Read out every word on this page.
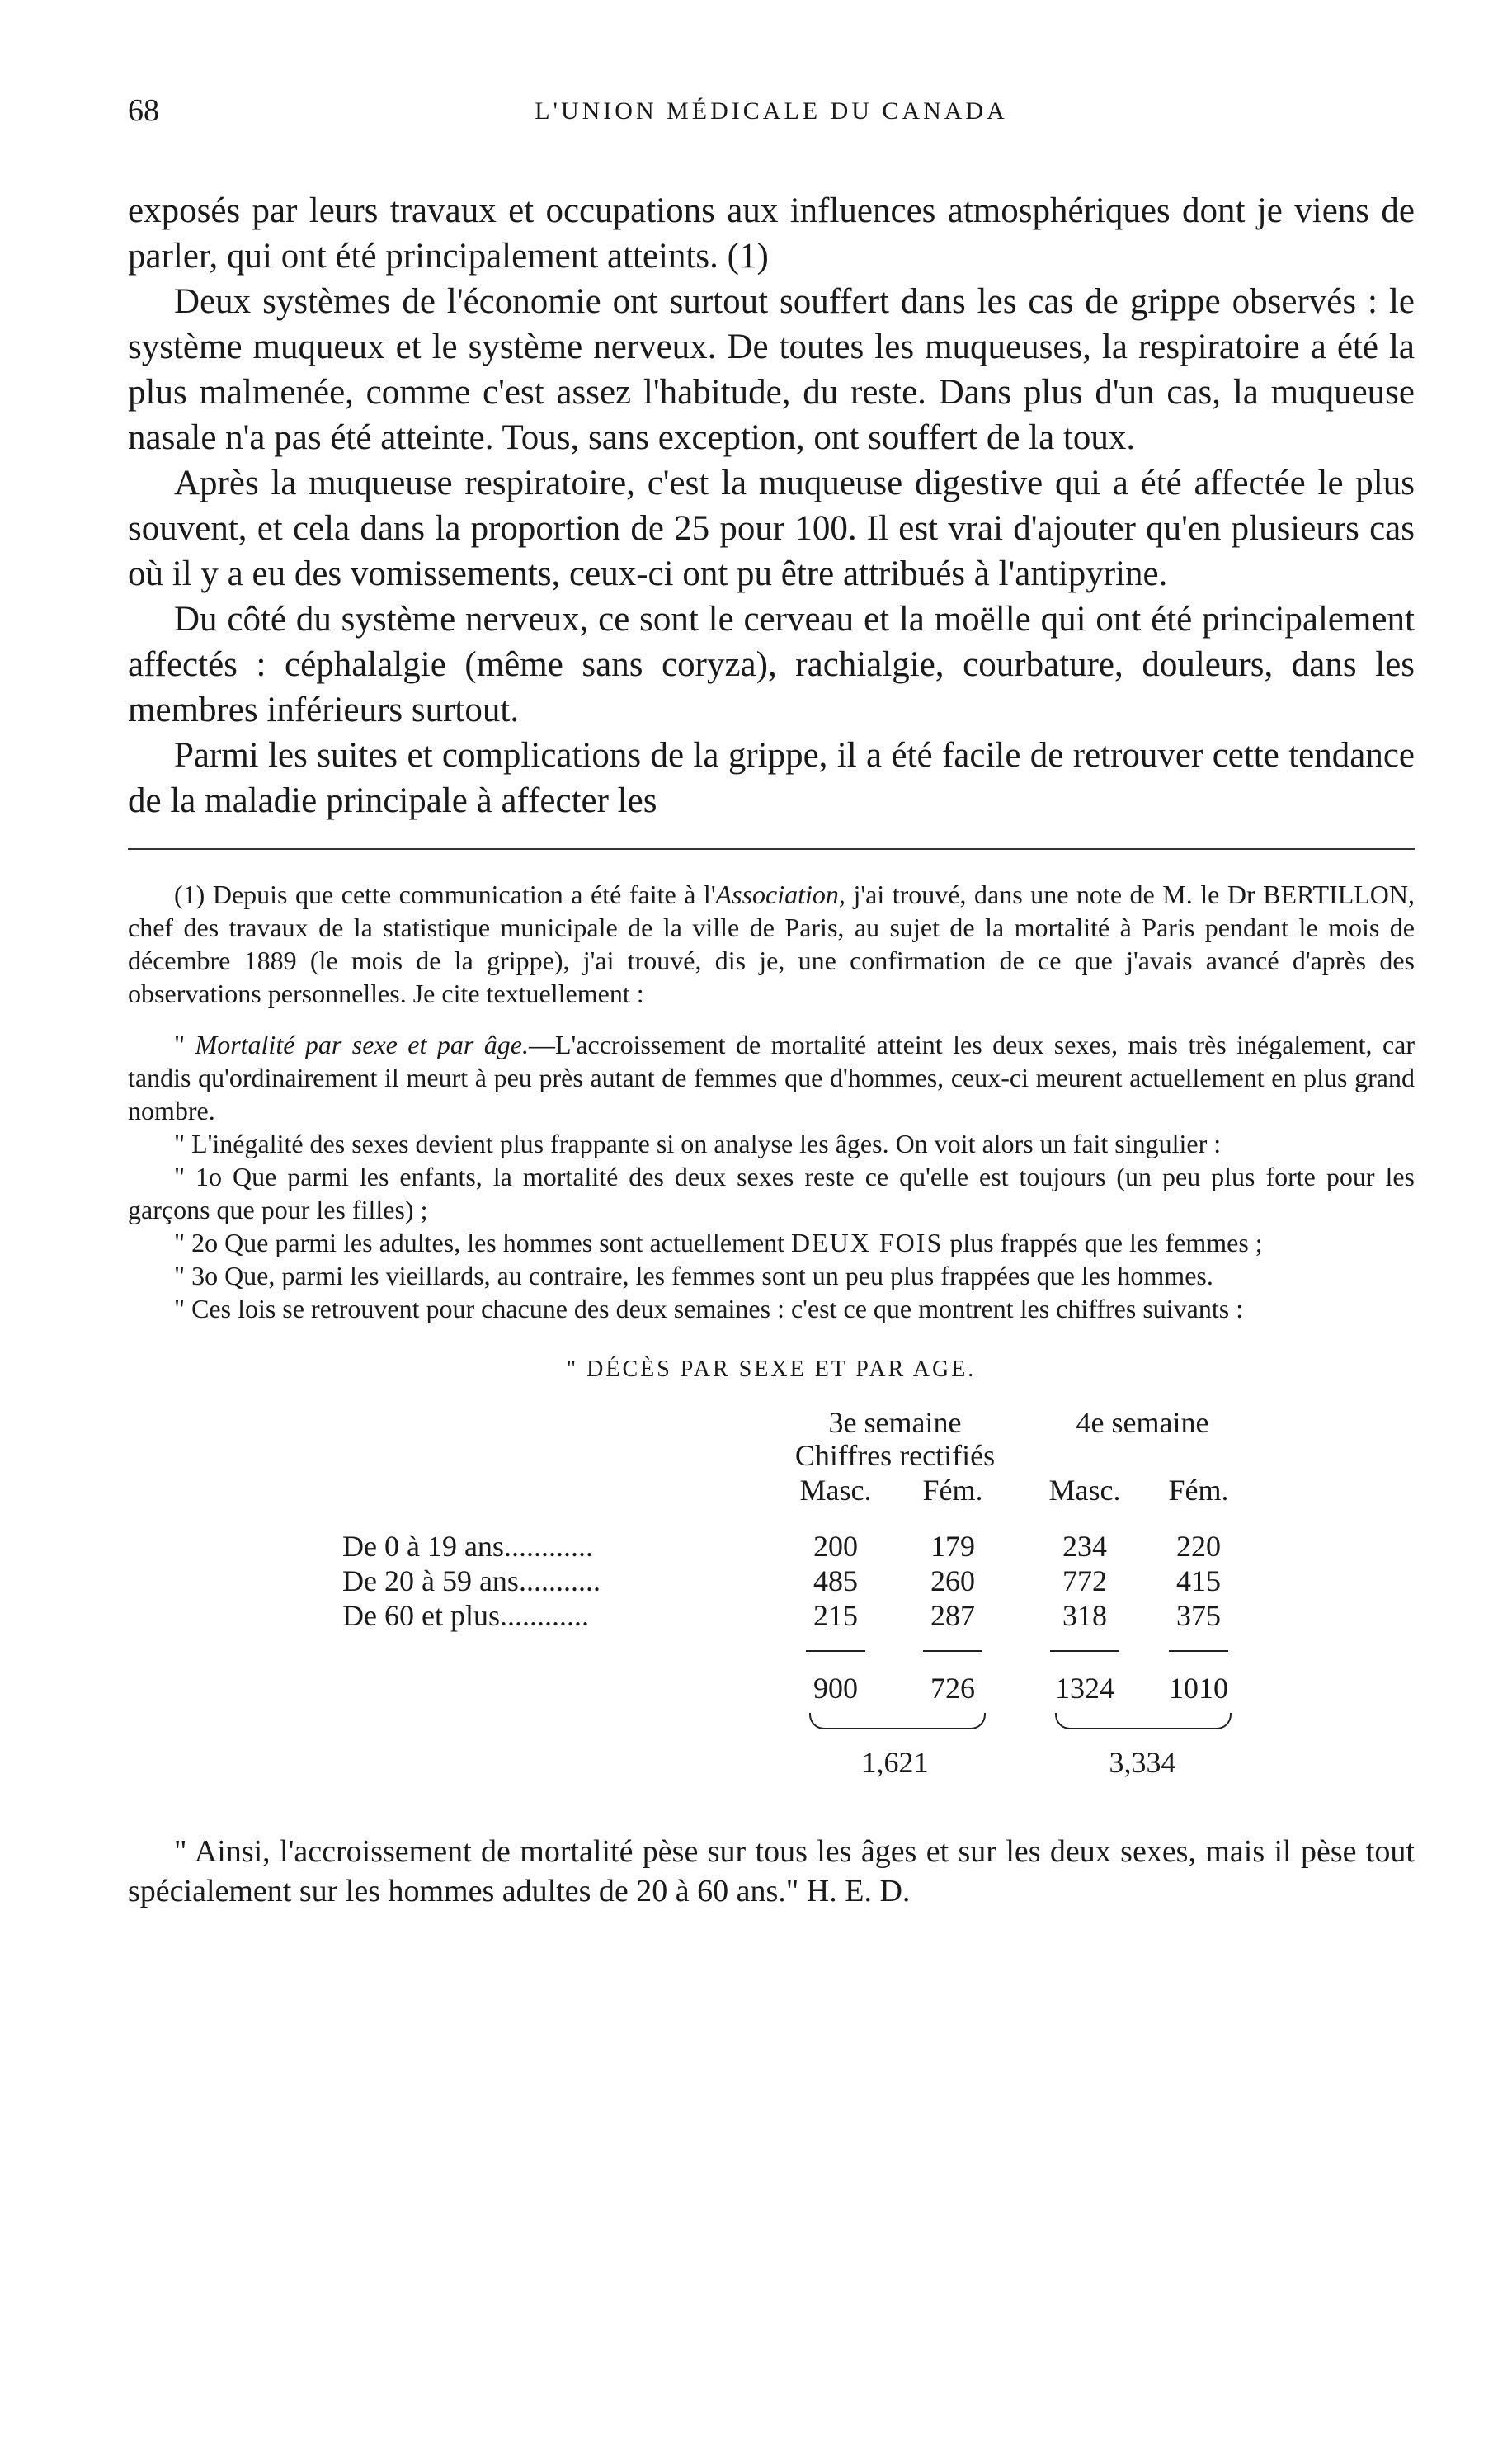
68	L'UNION MÉDICALE DU CANADA

exposés par leurs travaux et occupations aux influences atmosphériques dont je viens de parler, qui ont été principalement atteints. (1)

Deux systèmes de l'économie ont surtout souffert dans les cas de grippe observés : le système muqueux et le système nerveux. De toutes les muqueuses, la respiratoire a été la plus malmenée, comme c'est assez l'habitude, du reste. Dans plus d'un cas, la muqueuse nasale n'a pas été atteinte. Tous, sans exception, ont souffert de la toux.

Après la muqueuse respiratoire, c'est la muqueuse digestive qui a été affectée le plus souvent, et cela dans la proportion de 25 pour 100. Il est vrai d'ajouter qu'en plusieurs cas où il y a eu des vomissements, ceux-ci ont pu être attribués à l'antipyrine.

Du côté du système nerveux, ce sont le cerveau et la moëlle qui ont été principalement affectés : céphalalgie (même sans coryza), rachialgie, courbature, douleurs, dans les membres inférieurs surtout.

Parmi les suites et complications de la grippe, il a été facile de retrouver cette tendance de la maladie principale à affecter les

(1) Depuis que cette communication a été faite à l'Association, j'ai trouvé, dans une note de M. le Dr BERTILLON, chef des travaux de la statistique municipale de la ville de Paris, au sujet de la mortalité à Paris pendant le mois de décembre 1889 (le mois de la grippe), j'ai trouvé, dis je, une confirmation de ce que j'avais avancé d'après des observations personnelles. Je cite textuellement :

" Mortalité par sexe et par âge.—L'accroissement de mortalité atteint les deux sexes, mais très inégalement, car tandis qu'ordinairement il meurt à peu près autant de femmes que d'hommes, ceux-ci meurent actuellement en plus grand nombre.

" L'inégalité des sexes devient plus frappante si on analyse les âges. On voit alors un fait singulier :

" 1o Que parmi les enfants, la mortalité des deux sexes reste ce qu'elle est toujours (un peu plus forte pour les garçons que pour les filles) ;

" 2o Que parmi les adultes, les hommes sont actuellement DEUX FOIS plus frappés que les femmes ;

" 3o Que, parmi les vieillards, au contraire, les femmes sont un peu plus frappées que les hommes.

" Ces lois se retrouvent pour chacune des deux semaines : c'est ce que montrent les chiffres suivants :

" DÉCÈS PAR SEXE ET PAR AGE.
3e semaine	4e semaine
Chiffres rectifiés
Masc. Fém. Masc. Fém.
De 0 à 19 ans............	200 179	234 220
De 20 à 59 ans...........	485 260	772 415
De 60 et plus............	215 287	318 375
900 726	1324 1010
1,621	3,334

" Ainsi, l'accroissement de mortalité pèse sur tous les âges et sur les deux sexes, mais il pèse tout spécialement sur les hommes adultes de 20 à 60 ans." H. E. D.
